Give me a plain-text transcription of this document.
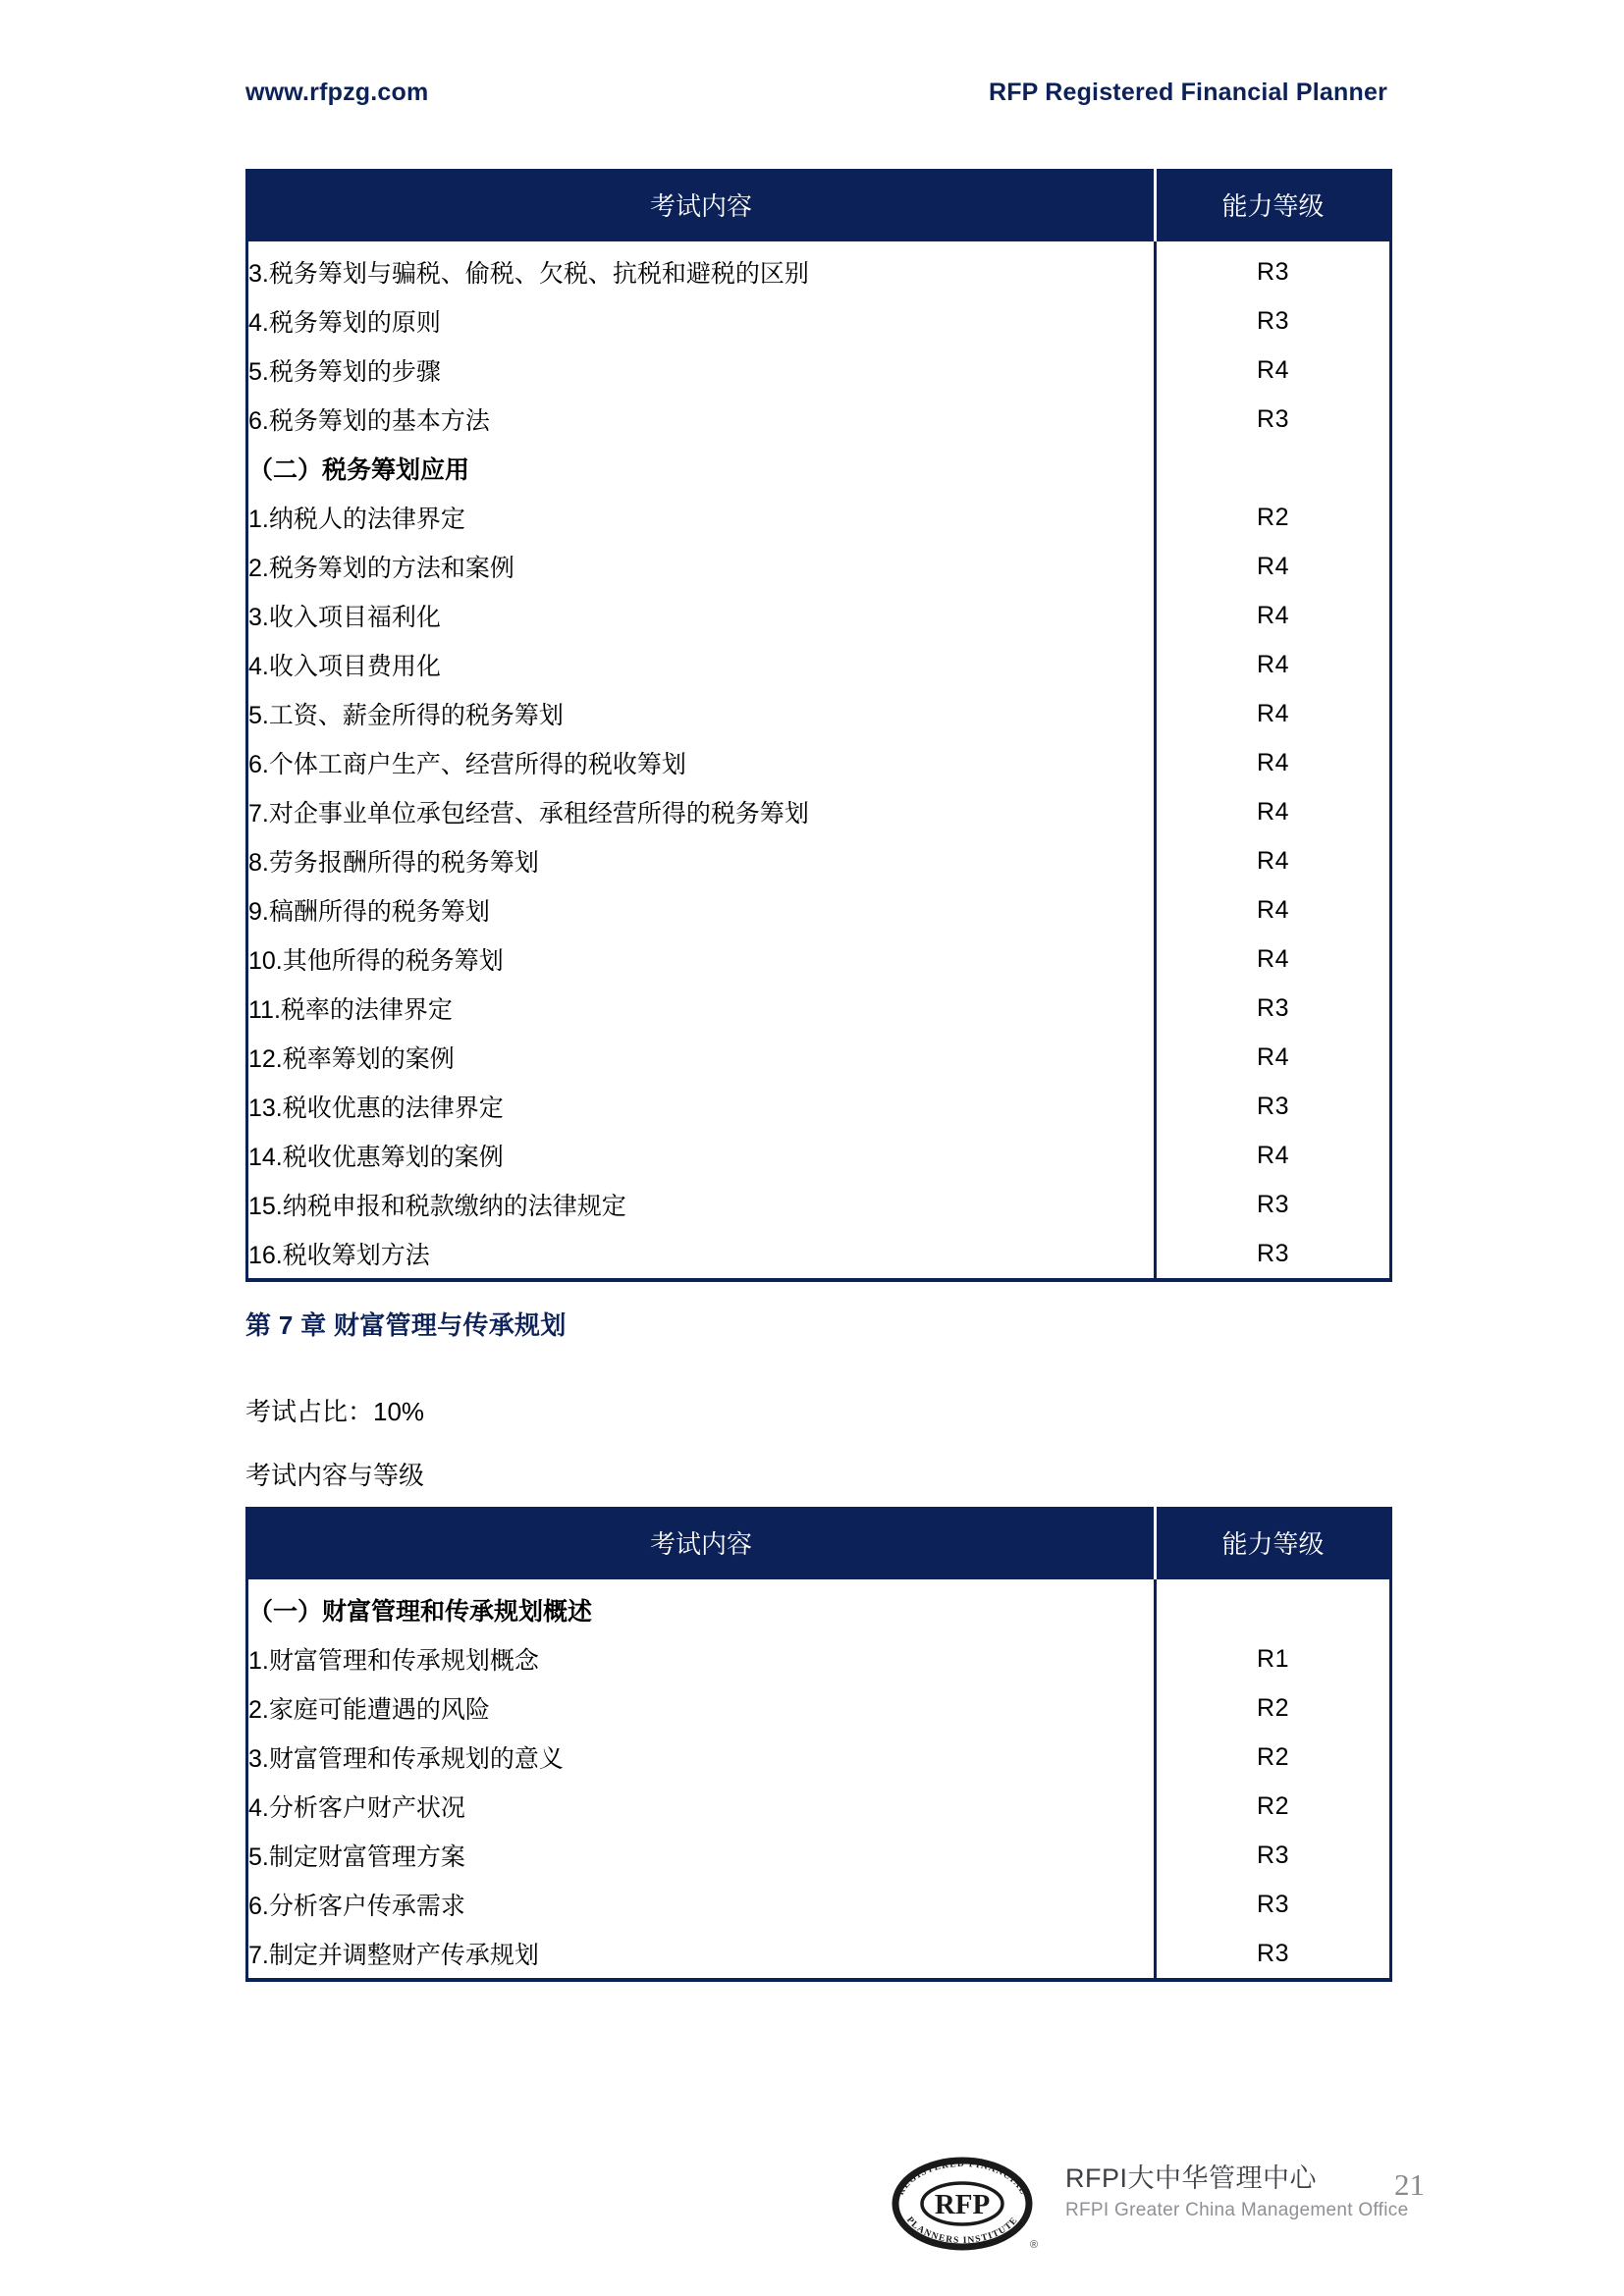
www.rfpzg.com	RFP Registered Financial Planner
考试内容	能力等级
3.税务筹划与骗税、偷税、欠税、抗税和避税的区别	R3
4.税务筹划的原则	R3
5.税务筹划的步骤	R4
6.税务筹划的基本方法	R3
（二）税务筹划应用	
1.纳税人的法律界定	R2
2.税务筹划的方法和案例	R4
3.收入项目福利化	R4
4.收入项目费用化	R4
5.工资、薪金所得的税务筹划	R4
6.个体工商户生产、经营所得的税收筹划	R4
7.对企事业单位承包经营、承租经营所得的税务筹划	R4
8.劳务报酬所得的税务筹划	R4
9.稿酬所得的税务筹划	R4
10.其他所得的税务筹划	R4
11.税率的法律界定	R3
12.税率筹划的案例	R4
13.税收优惠的法律界定	R3
14.税收优惠筹划的案例	R4
15.纳税申报和税款缴纳的法律规定	R3
16.税收筹划方法	R3
第 7 章 财富管理与传承规划
考试占比：10%
考试内容与等级
考试内容	能力等级
（一）财富管理和传承规划概述	
1.财富管理和传承规划概念	R1
2.家庭可能遭遇的风险	R2
3.财富管理和传承规划的意义	R2
4.分析客户财产状况	R2
5.制定财富管理方案	R3
6.分析客户传承需求	R3
7.制定并调整财产传承规划	R3
RFP
REGISTERED FINANCIAL
PLANNERS INSTITUTE
®
RFPI大中华管理中心
RFPI Greater China Management Office
21
